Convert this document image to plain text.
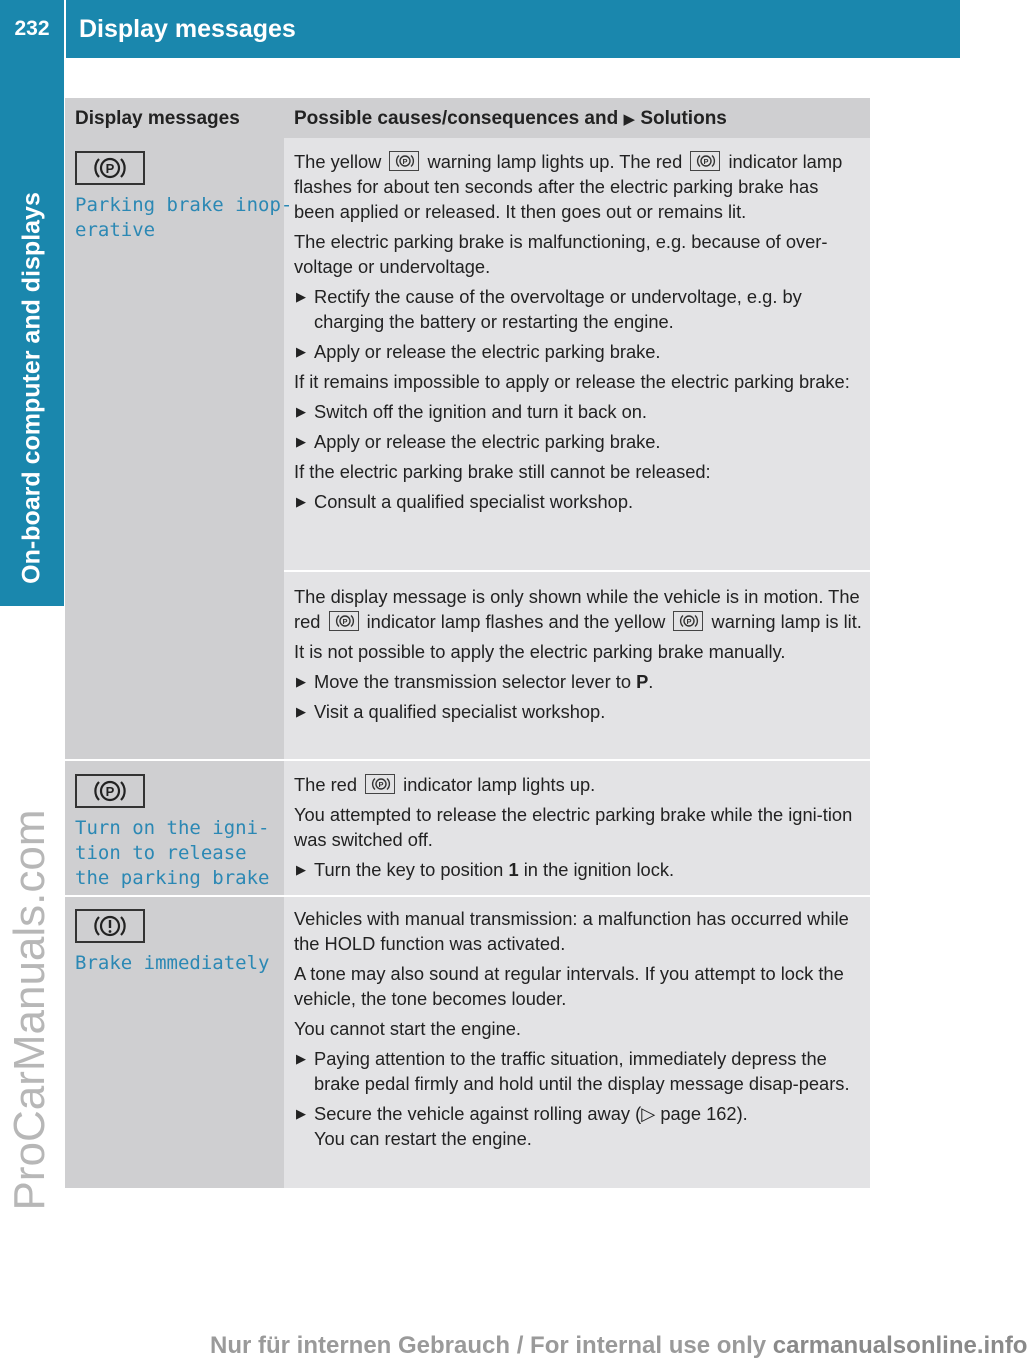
232	Display messages
On-board computer and displays
ProCarManuals.com
Display messages	Possible causes/consequences and ▶ Solutions
P
Parking brake inop‐
erative

The yellow P warning lamp lights up. The red P indicator lamp flashes for about ten seconds after the electric parking brake has been applied or released. It then goes out or remains lit.

The electric parking brake is malfunctioning, e.g. because of over‐voltage or undervoltage.

▶ Rectify the cause of the overvoltage or undervoltage, e.g. by charging the battery or restarting the engine.

▶ Apply or release the electric parking brake.

If it remains impossible to apply or release the electric parking brake:

▶ Switch off the ignition and turn it back on.

▶ Apply or release the electric parking brake.

If the electric parking brake still cannot be released:

▶ Consult a qualified specialist workshop.

The display message is only shown while the vehicle is in motion. The red P indicator lamp flashes and the yellow P warning lamp is lit.

It is not possible to apply the electric parking brake manually.

▶ Move the transmission selector lever to P.

▶ Visit a qualified specialist workshop.

P
Turn on the igni‐
tion to release
the parking brake

The red P indicator lamp lights up.

You attempted to release the electric parking brake while the igni‐tion was switched off.

▶ Turn the key to position 1 in the ignition lock.

Brake immediately

Vehicles with manual transmission: a malfunction has occurred while the HOLD function was activated.

A tone may also sound at regular intervals. If you attempt to lock the vehicle, the tone becomes louder.

You cannot start the engine.

▶ Paying attention to the traffic situation, immediately depress the brake pedal firmly and hold until the display message disap‐pears.

▶ Secure the vehicle against rolling away (▷ page 162).
You can restart the engine.

Nur für internen Gebrauch / For internal use only carmanualsonline.info
